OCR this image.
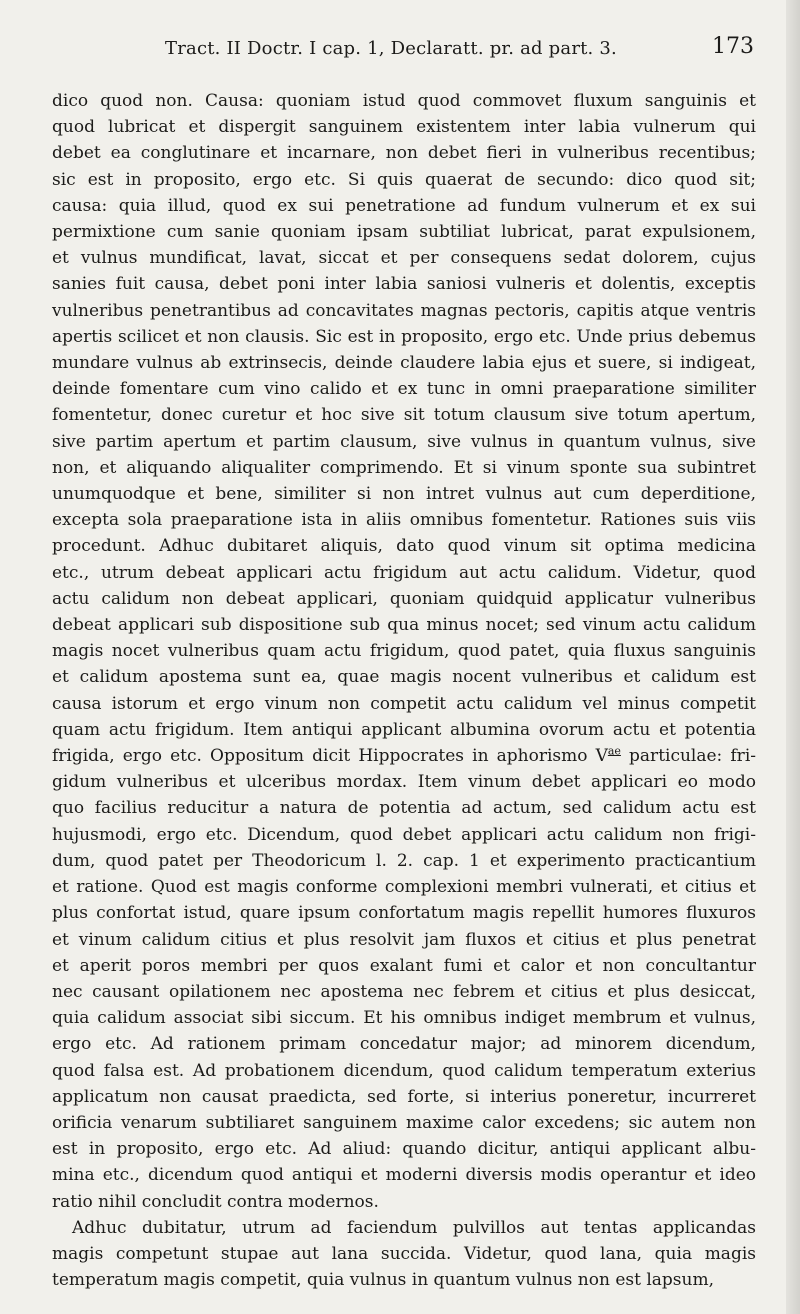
Tract. II Doctr. I cap. 1, Declaratt. pr. ad part. 3.	173
dico quod non. Causa: quoniam istud quod commovet fluxum sanguinis et
quod lubricat et dispergit sanguinem existentem inter labia vulnerum qui
debet ea conglutinare et incarnare, non debet fieri in vulneribus recentibus;
sic est in proposito, ergo etc. Si quis quaerat de secundo: dico quod sit;
causa: quia illud, quod ex sui penetratione ad fundum vulnerum et ex sui
permixtione cum sanie quoniam ipsam subtiliat lubricat, parat expulsionem,
et vulnus mundificat, lavat, siccat et per consequens sedat dolorem, cujus
sanies fuit causa, debet poni inter labia saniosi vulneris et dolentis, exceptis
vulneribus penetrantibus ad concavitates magnas pectoris, capitis atque ventris
apertis scilicet et non clausis. Sic est in proposito, ergo etc. Unde prius debemus
mundare vulnus ab extrinsecis, deinde claudere labia ejus et suere, si indigeat,
deinde fomentare cum vino calido et ex tunc in omni praeparatione similiter
fomentetur, donec curetur et hoc sive sit totum clausum sive totum apertum,
sive partim apertum et partim clausum, sive vulnus in quantum vulnus, sive
non, et aliquando aliqualiter comprimendo. Et si vinum sponte sua subintret
unumquodque et bene, similiter si non intret vulnus aut cum deperditione,
excepta sola praeparatione ista in aliis omnibus fomentetur. Rationes suis viis
procedunt. Adhuc dubitaret aliquis, dato quod vinum sit optima medicina
etc., utrum debeat applicari actu frigidum aut actu calidum. Videtur, quod
actu calidum non debeat applicari, quoniam quidquid applicatur vulneribus
debeat applicari sub dispositione sub qua minus nocet; sed vinum actu calidum
magis nocet vulneribus quam actu frigidum, quod patet, quia fluxus sanguinis
et calidum apostema sunt ea, quae magis nocent vulneribus et calidum est
causa istorum et ergo vinum non competit actu calidum vel minus competit
quam actu frigidum. Item antiqui applicant albumina ovorum actu et potentia
frigida, ergo etc. Oppositum dicit Hippocrates in aphorismo $V^{ae}$ particulae: fri-
gidum vulneribus et ulceribus mordax. Item vinum debet applicari eo modo
quo facilius reducitur a natura de potentia ad actum, sed calidum actu est
hujusmodi, ergo etc. Dicendum, quod debet applicari actu calidum non frigi-
dum, quod patet per Theodoricum l. 2. cap. 1 et experimento practicantium
et ratione. Quod est magis conforme complexioni membri vulnerati, et citius et
plus confortat istud, quare ipsum confortatum magis repellit humores fluxuros
et vinum calidum citius et plus resolvit jam fluxos et citius et plus penetrat
et aperit poros membri per quos exalant fumi et calor et non concultantur
nec causant opilationem nec apostema nec febrem et citius et plus desiccat,
quia calidum associat sibi siccum. Et his omnibus indiget membrum et vulnus,
ergo etc. Ad rationem primam concedatur major; ad minorem dicendum,
quod falsa est. Ad probationem dicendum, quod calidum temperatum exterius
applicatum non causat praedicta, sed forte, si interius poneretur, incurreret
orificia venarum subtiliaret sanguinem maxime calor excedens; sic autem non
est in proposito, ergo etc. Ad aliud: quando dicitur, antiqui applicant albu-
mina etc., dicendum quod antiqui et moderni diversis modis operantur et ideo
ratio nihil concludit contra modernos.
Adhuc dubitatur, utrum ad faciendum pulvillos aut tentas applicandas
magis competunt stupae aut lana succida. Videtur, quod lana, quia magis
temperatum magis competit, quia vulnus in quantum vulnus non est lapsum,
